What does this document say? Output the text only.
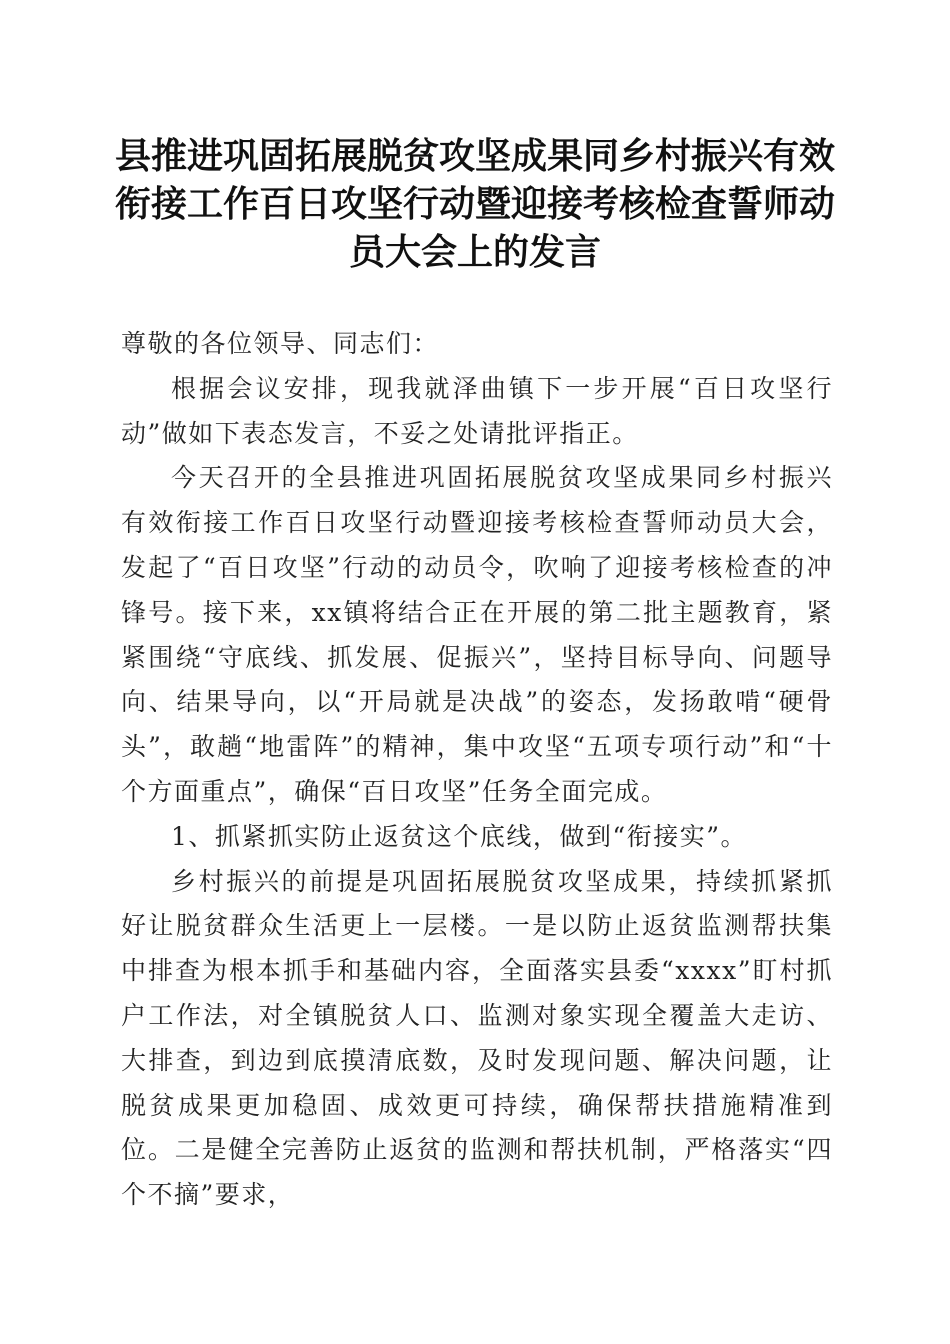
县推进巩固拓展脱贫攻坚成果同乡村振兴有效衔接工作百日攻坚行动暨迎接考核检查誓师动员大会上的发言

尊敬的各位领导、同志们：

根据会议安排，现我就泽曲镇下一步开展“百日攻坚行动”做如下表态发言，不妥之处请批评指正。

今天召开的全县推进巩固拓展脱贫攻坚成果同乡村振兴有效衔接工作百日攻坚行动暨迎接考核检查誓师动员大会，发起了“百日攻坚”行动的动员令，吹响了迎接考核检查的冲锋号。接下来，xx镇将结合正在开展的第二批主题教育，紧紧围绕“守底线、抓发展、促振兴”，坚持目标导向、问题导向、结果导向，以“开局就是决战”的姿态，发扬敢啃“硬骨头”，敢趟“地雷阵”的精神，集中攻坚“五项专项行动”和“十个方面重点”，确保“百日攻坚”任务全面完成。

1、抓紧抓实防止返贫这个底线，做到“衔接实”。

乡村振兴的前提是巩固拓展脱贫攻坚成果，持续抓紧抓好让脱贫群众生活更上一层楼。一是以防止返贫监测帮扶集中排查为根本抓手和基础内容，全面落实县委“xxxx”盯村抓户工作法，对全镇脱贫人口、监测对象实现全覆盖大走访、大排查，到边到底摸清底数，及时发现问题、解决问题，让脱贫成果更加稳固、成效更可持续，确保帮扶措施精准到位。二是健全完善防止返贫的监测和帮扶机制，严格落实“四个不摘”要求，
